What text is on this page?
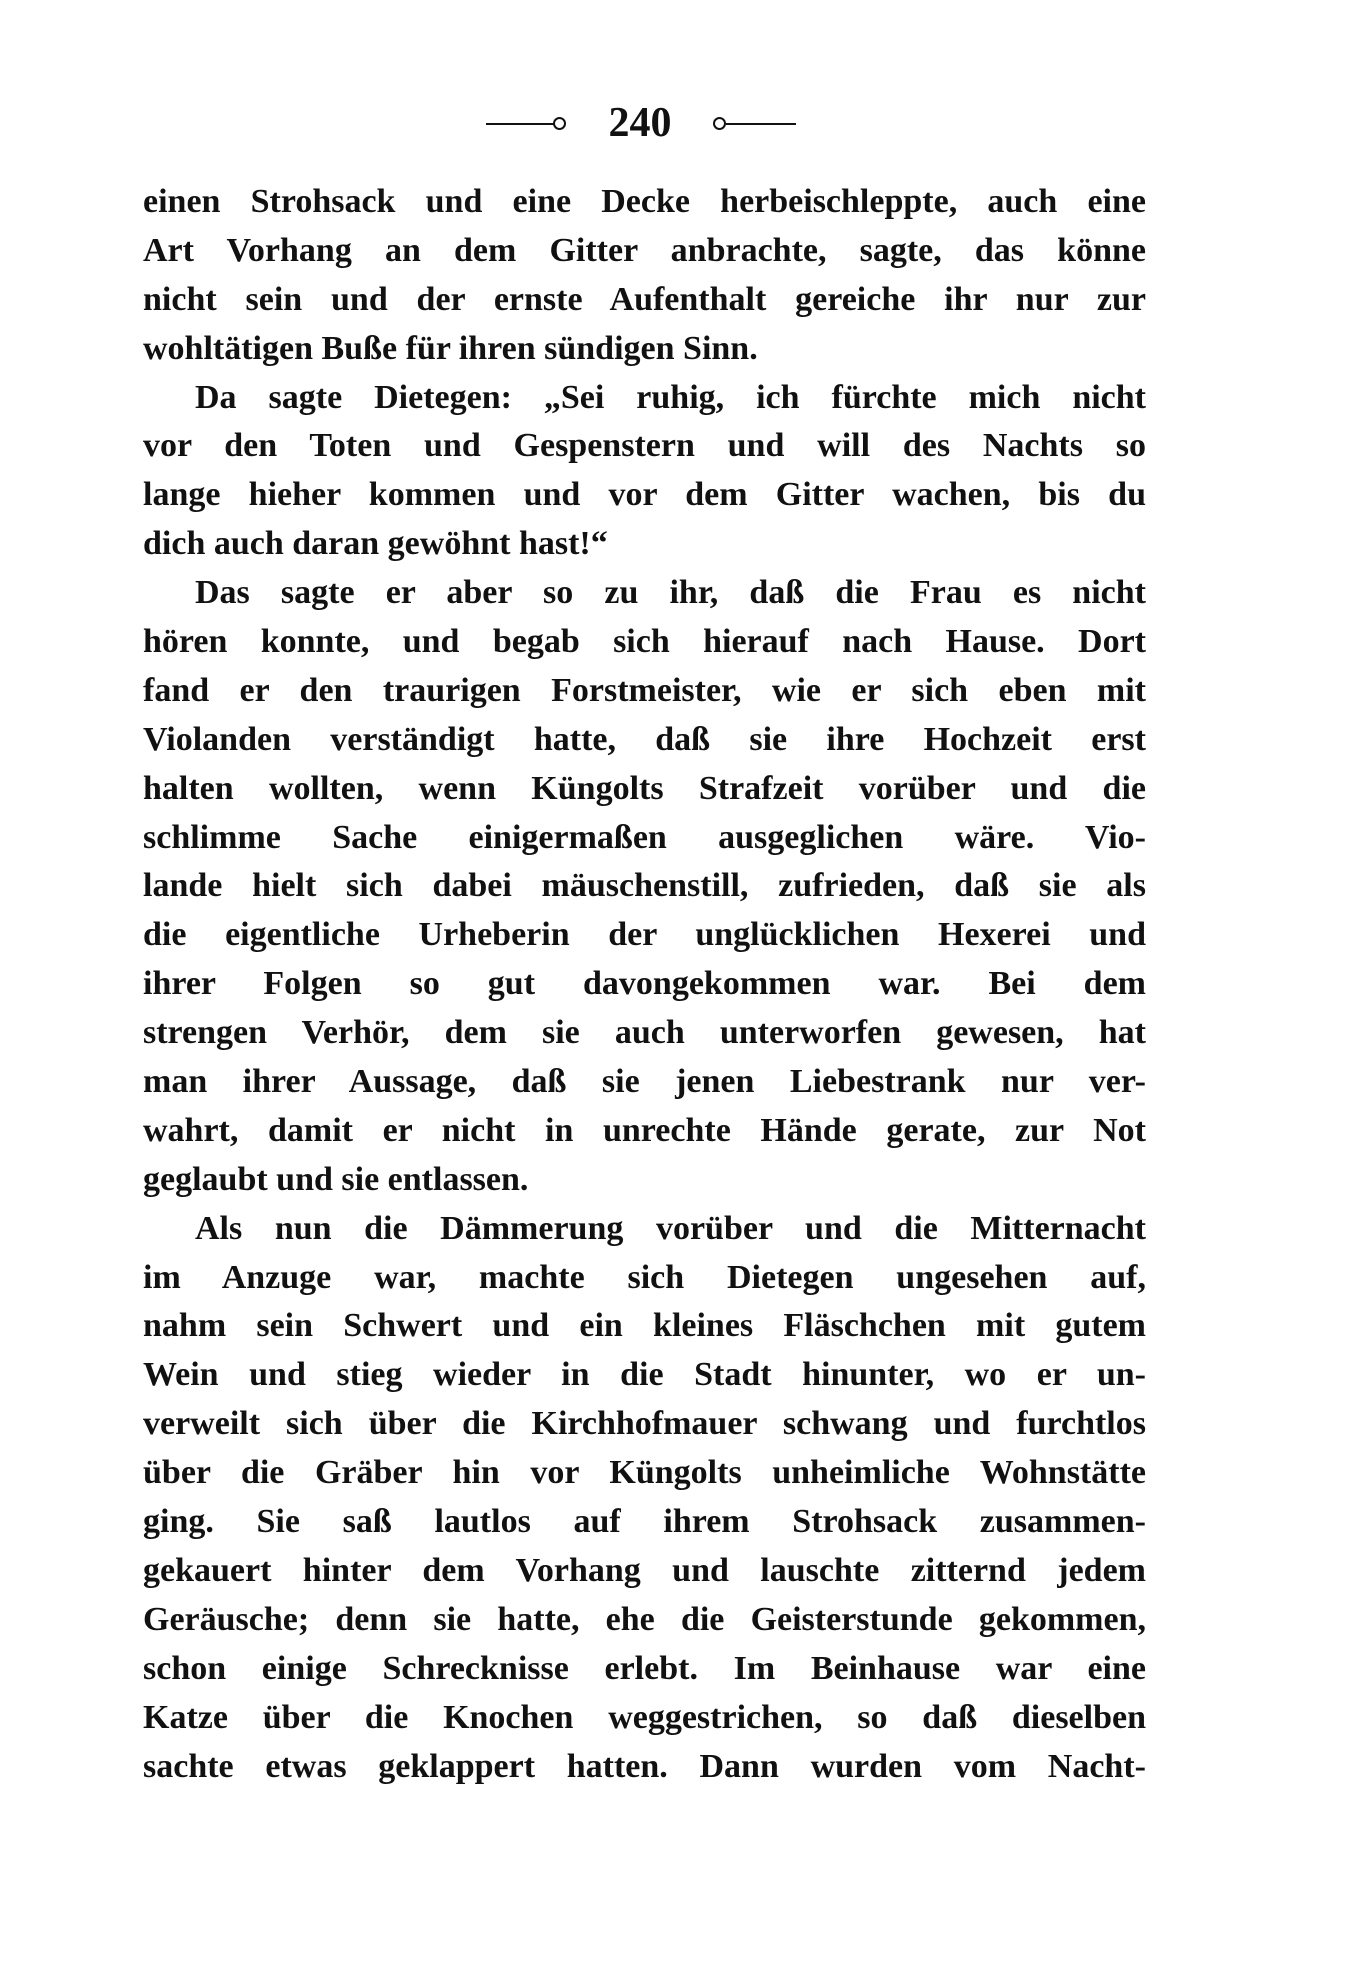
240
einen Strohsack und eine Decke herbeischleppte, auch eine
Art Vorhang an dem Gitter anbrachte, sagte, das könne
nicht sein und der ernste Aufenthalt gereiche ihr nur zur
wohltätigen Buße für ihren sündigen Sinn.
Da sagte Dietegen: „Sei ruhig, ich fürchte mich nicht
vor den Toten und Gespenstern und will des Nachts so
lange hieher kommen und vor dem Gitter wachen, bis du
dich auch daran gewöhnt hast!“
Das sagte er aber so zu ihr, daß die Frau es nicht
hören konnte, und begab sich hierauf nach Hause. Dort
fand er den traurigen Forstmeister, wie er sich eben mit
Violanden verständigt hatte, daß sie ihre Hochzeit erst
halten wollten, wenn Küngolts Strafzeit vorüber und die
schlimme Sache einigermaßen ausgeglichen wäre. Vio-
lande hielt sich dabei mäuschenstill, zufrieden, daß sie als
die eigentliche Urheberin der unglücklichen Hexerei und
ihrer Folgen so gut davongekommen war. Bei dem
strengen Verhör, dem sie auch unterworfen gewesen, hat
man ihrer Aussage, daß sie jenen Liebestrank nur ver-
wahrt, damit er nicht in unrechte Hände gerate, zur Not
geglaubt und sie entlassen.
Als nun die Dämmerung vorüber und die Mitternacht
im Anzuge war, machte sich Dietegen ungesehen auf,
nahm sein Schwert und ein kleines Fläschchen mit gutem
Wein und stieg wieder in die Stadt hinunter, wo er un-
verweilt sich über die Kirchhofmauer schwang und furchtlos
über die Gräber hin vor Küngolts unheimliche Wohnstätte
ging. Sie saß lautlos auf ihrem Strohsack zusammen-
gekauert hinter dem Vorhang und lauschte zitternd jedem
Geräusche; denn sie hatte, ehe die Geisterstunde gekommen,
schon einige Schrecknisse erlebt. Im Beinhause war eine
Katze über die Knochen weggestrichen, so daß dieselben
sachte etwas geklappert hatten. Dann wurden vom Nacht-
